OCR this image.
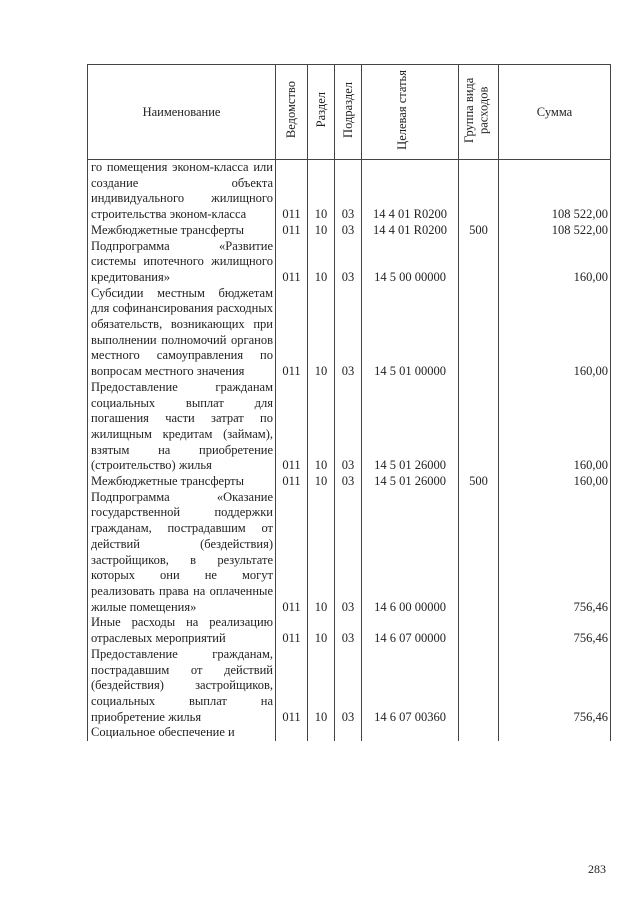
Наименование	Ведомство	Раздел	Подраздел	Целевая статья	Группа вида расходов	Сумма
го помещения эконом-класса или создание объекта индивидуального жилищного строительства эконом-класса	011	10	03	14 4 01 R0200		108 522,00
Межбюджетные трансферты	011	10	03	14 4 01 R0200	500	108 522,00
Подпрограмма «Развитие системы ипотечного жилищного кредитования»	011	10	03	14 5 00 00000		160,00
Субсидии местным бюджетам для софинансирования расходных обязательств, возникающих при выполнении полномочий органов местного самоуправления по вопросам местного значения	011	10	03	14 5 01 00000		160,00
Предоставление гражданам социальных выплат для погашения части затрат по жилищным кредитам (займам), взятым на приобретение (строительство) жилья	011	10	03	14 5 01 26000		160,00
Межбюджетные трансферты	011	10	03	14 5 01 26000	500	160,00
Подпрограмма «Оказание государственной поддержки гражданам, пострадавшим от действий (бездействия) застройщиков, в результате которых они не могут реализовать права на оплаченные жилые помещения»	011	10	03	14 6 00 00000		756,46
Иные расходы на реализацию отраслевых мероприятий	011	10	03	14 6 07 00000		756,46
Предоставление гражданам, пострадавшим от действий (бездействия) застройщиков, социальных выплат на приобретение жилья	011	10	03	14 6 07 00360		756,46
Социальное обеспечение и						
283
